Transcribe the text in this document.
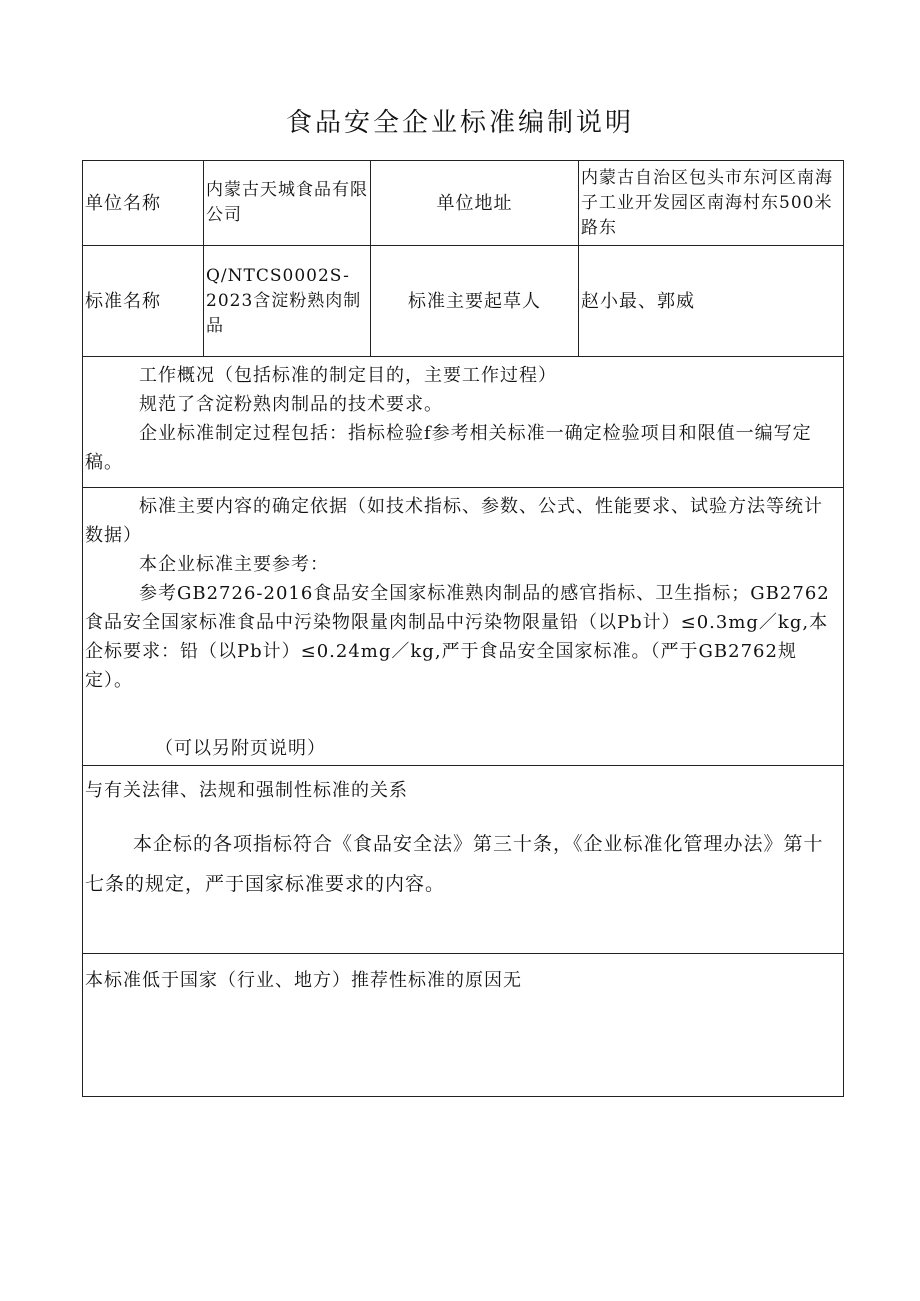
食品安全企业标准编制说明
单位名称
内蒙古天城食品有限公司
单位地址
内蒙古自治区包头市东河区南海子工业开发园区南海村东500米路东
标准名称
Q/NTCS0002S-2023含淀粉熟肉制品
标准主要起草人 赵小最、郭威

工作概况（包括标准的制定目的，主要工作过程）

规范了含淀粉熟肉制品的技术要求。

企业标准制定过程包括：指标检验f参考相关标准一确定检验项目和限值一编写定稿。

标准主要内容的确定依据（如技术指标、参数、公式、性能要求、试验方法等统计数据）

本企业标准主要参考：

参考GB2726-2016食品安全国家标准熟肉制品的感官指标、卫生指标；GB2762食品安全国家标准食品中污染物限量肉制品中污染物限量铅（以Pb计）≤0.3mg／kg,本企标要求：铅（以Pb计）≤0.24mg／kg,严于食品安全国家标准。（严于GB2762规定）。

（可以另附页说明）
与有关法律、法规和强制性标准的关系
本企标的各项指标符合《食品安全法》第三十条，《企业标准化管理办法》第十七条的规定，严于国家标准要求的内容。
本标准低于国家（行业、地方）推荐性标准的原因无
